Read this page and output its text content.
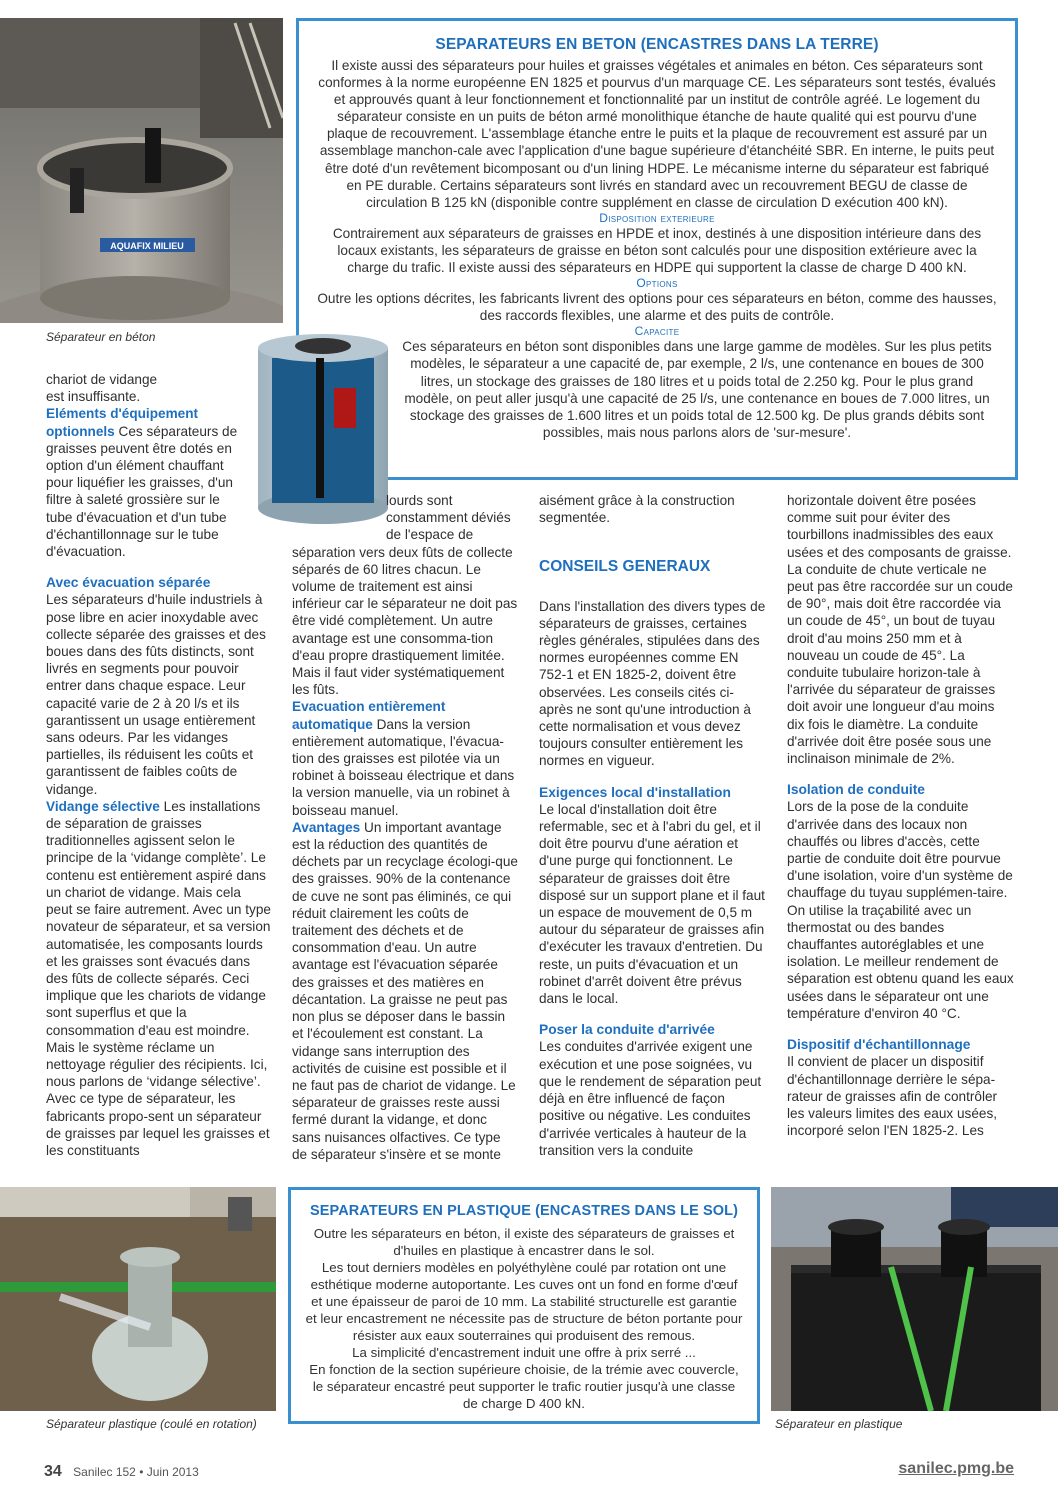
AQUAFIX MILIEU
Séparateur en béton
SEPARATEURS EN BETON (ENCASTRES DANS LA TERRE)

Il existe aussi des séparateurs pour huiles et graisses végétales et animales en béton. Ces séparateurs sont conformes à la norme européenne EN 1825 et pourvus d'un marquage CE. Les séparateurs sont testés, évalués et approuvés quant à leur fonctionnement et fonctionnalité par un institut de contrôle agréé. Le logement du séparateur consiste en un puits de béton armé monolithique étanche de haute qualité qui est pourvu d'une plaque de recouvrement. L'assemblage étanche entre le puits et la plaque de recouvrement est assuré par un assemblage manchon-cale avec l'application d'une bague supérieure d'étanchéité SBR. En interne, le puits peut être doté d'un revêtement bicomposant ou d'un lining HDPE. Le mécanisme interne du séparateur est fabriqué en PE durable. Certains séparateurs sont livrés en standard avec un recouvrement BEGU de classe de circulation B 125 kN (disponible contre supplément en classe de circulation D exécution 400 kN).

Disposition exterieure

Contrairement aux séparateurs de graisses en HPDE et inox, destinés à une disposition intérieure dans des locaux existants, les séparateurs de graisse en béton sont calculés pour une disposition extérieure avec la charge du trafic. Il existe aussi des séparateurs en HDPE qui supportent la classe de charge D 400 kN.

Options

Outre les options décrites, les fabricants livrent des options pour ces séparateurs en béton, comme des hausses, des raccords flexibles, une alarme et des puits de contrôle.

Capacite

Ces séparateurs en béton sont disponibles dans une large gamme de modèles. Sur les plus petits modèles, le séparateur a une capacité de, par exemple, 2 l/s, une contenance en boues de 300 litres, un stockage des graisses de 180 litres et u poids total de 2.250 kg. Pour le plus grand modèle, on peut aller jusqu'à une capacité de 25 l/s, une contenance en boues de 7.000 litres, un stockage des graisses de 1.600 litres et un poids total de 12.500 kg. De plus grands débits sont possibles, mais nous parlons alors de 'sur-mesure'.

chariot de vidange est insuffisante.

Eléments d'équipement optionnels Ces séparateurs de graisses peuvent être dotés en option d'un élément chauffant pour liquéfier les graisses, d'un filtre à saleté grossière sur le tube d'évacuation et d'un tube d'échantillonnage sur le tube d'évacuation.

Avec évacuation séparée

Les séparateurs d'huile industriels à pose libre en acier inoxydable avec collecte séparée des graisses et des boues dans des fûts distincts, sont livrés en segments pour pouvoir entrer dans chaque espace. Leur capacité varie de 2 à 20 l/s et ils garantissent un usage entièrement sans odeurs. Par les vidanges partielles, ils réduisent les coûts et garantissent de faibles coûts de vidange.

Vidange sélective Les installations de séparation de graisses traditionnelles agissent selon le principe de la ‘vidange complète’. Le contenu est entièrement aspiré dans un chariot de vidange. Mais cela peut se faire autrement. Avec un type novateur de séparateur, et sa version automatisée, les composants lourds et les graisses sont évacués dans des fûts de collecte séparés. Ceci implique que les chariots de vidange sont superflus et que la consommation d'eau est moindre. Mais le système réclame un nettoyage régulier des récipients. Ici, nous parlons de ‘vidange sélective’. Avec ce type de séparateur, les fabricants propo-sent un séparateur de graisses par lequel les graisses et les constituants

lourds sont

constamment déviés

de l'espace de

séparation vers deux fûts de collecte séparés de 60 litres chacun. Le volume de traitement est ainsi inférieur car le séparateur ne doit pas être vidé complètement. Un autre avantage est une consomma-tion d'eau propre drastiquement limitée. Mais il faut vider systématiquement les fûts.

Evacuation entièrement automatique Dans la version entièrement automatique, l'évacua-tion des graisses est pilotée via un robinet à boisseau électrique et dans la version manuelle, via un robinet à boisseau manuel.

Avantages Un important avantage est la réduction des quantités de déchets par un recyclage écologi-que des graisses. 90% de la contenance de cuve ne sont pas éliminés, ce qui réduit clairement les coûts de traitement des déchets et de consommation d'eau. Un autre avantage est l'évacuation séparée des graisses et des matières en décantation. La graisse ne peut pas non plus se déposer dans le bassin et l'écoulement est constant. La vidange sans interruption des activités de cuisine est possible et il ne faut pas de chariot de vidange. Le séparateur de graisses reste aussi fermé durant la vidange, et donc sans nuisances olfactives. Ce type de séparateur s'insère et se monte

aisément grâce à la construction segmentée.

CONSEILS GENERAUX

Dans l'installation des divers types de séparateurs de graisses, certaines règles générales, stipulées dans des normes européennes comme EN 752-1 et EN 1825-2, doivent être observées. Les conseils cités ci-après ne sont qu'une introduction à cette normalisation et vous devez toujours consulter entièrement les normes en vigueur.

Exigences local d'installation

Le local d'installation doit être refermable, sec et à l'abri du gel, et il doit être pourvu d'une aération et d'une purge qui fonctionnent. Le séparateur de graisses doit être disposé sur un support plane et il faut un espace de mouvement de 0,5 m autour du séparateur de graisses afin d'exécuter les travaux d'entretien. Du reste, un puits d'évacuation et un robinet d'arrêt doivent être prévus dans le local.

Poser la conduite d'arrivée

Les conduites d'arrivée exigent une exécution et une pose soignées, vu que le rendement de séparation peut déjà en être influencé de façon positive ou négative. Les conduites d'arrivée verticales à hauteur de la transition vers la conduite

horizontale doivent être posées comme suit pour éviter des tourbillons inadmissibles des eaux usées et des composants de graisse. La conduite de chute verticale ne peut pas être raccordée sur un coude de 90°, mais doit être raccordée via un coude de 45°, un bout de tuyau droit d'au moins 250 mm et à nouveau un coude de 45°. La conduite tubulaire horizon-tale à l'arrivée du séparateur de graisses doit avoir une longueur d'au moins dix fois le diamètre. La conduite d'arrivée doit être posée sous une inclinaison minimale de 2%.

Isolation de conduite

Lors de la pose de la conduite d'arrivée dans des locaux non chauffés ou libres d'accès, cette partie de conduite doit être pourvue d'une isolation, voire d'un système de chauffage du tuyau supplémen-taire. On utilise la traçabilité avec un thermostat ou des bandes chauffantes autoréglables et une isolation. Le meilleur rendement de séparation est obtenu quand les eaux usées dans le séparateur ont une température d'environ 40 °C.

Dispositif d'échantillonnage

Il convient de placer un dispositif d'échantillonnage derrière le sépa-rateur de graisses afin de contrôler les valeurs limites des eaux usées, incorporé selon l'EN 1825-2. Les

Séparateur plastique (coulé en rotation)
SEPARATEURS EN PLASTIQUE (ENCASTRES DANS LE SOL)

Outre les séparateurs en béton, il existe des séparateurs de graisses et d'huiles en plastique à encastrer dans le sol.

Les tout derniers modèles en polyéthylène coulé par rotation ont une esthétique moderne autoportante. Les cuves ont un fond en forme d'œuf et une épaisseur de paroi de 10 mm. La stabilité structurelle est garantie et leur encastrement ne nécessite pas de structure de béton portante pour résister aux eaux souterraines qui produisent des remous.

La simplicité d'encastrement induit une offre à prix serré ...

En fonction de la section supérieure choisie, de la trémie avec couvercle, le séparateur encastré peut supporter le trafic routier jusqu'à une classe de charge D 400 kN.

Séparateur en plastique
34 Sanilec 152 • Juin 2013	sanilec.pmg.be
